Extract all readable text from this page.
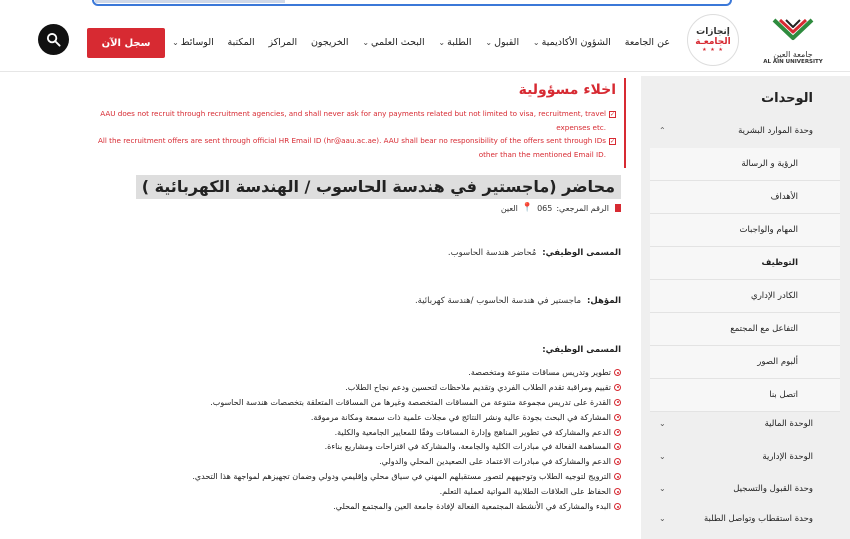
سجل الآن	عن الجامعة
الشؤون الأكاديمية
⌄
القبول
⌄
الطلبة
⌄
البحث العلمي
⌄
الخريجون
المراكز
المكتبة
الوسائط
⌄
إنجازات
الجامعـة
★ ★ ★	جامعة العين
AL AIN UNIVERSITY
الوحدات
وحدة الموارد البشرية
⌃
الرؤية و الرسالة
الأهداف
المهام والواجبات
التوظيف
الكادر الإداري
التفاعل مع المجتمع
ألبوم الصور
اتصل بنا
الوحدة المالية
⌄
الوحدة الإدارية
⌄
وحدة القبول والتسجيل
⌄
وحدة استقطاب وتواصل الطلبة
⌄
اخلاء مسؤولية
AAU does not recruit through recruitment agencies, and shall never ask for any payments related but not limited to visa, recruitment, travel ✓
expenses etc.
All the recruitment offers are sent through official HR Email ID (hr@aau.ac.ae). AAU shall bear no responsibility of the offers sent through IDs ✓
other than the mentioned Email ID.
محاضر (ماجستير في هندسة الحاسوب / الهندسة الكهربائية )
الرقم المرجعي:
065
📍
العين
المسمى الوظيفي: مُحاضر هندسة الحاسوب.
المؤهل: ماجستير في هندسة الحاسوب /هندسة كهربائية.
المسمى الوظيفي:
تطوير وتدريس مساقات متنوعة ومتخصصة.
تقييم ومراقبة تقدم الطلاب الفردي وتقديم ملاحظات لتحسين ودعم نجاح الطلاب.
القدرة على تدريس مجموعة متنوعة من المساقات المتخصصة وغيرها من المساقات المتعلقة بتخصصات هندسة الحاسوب.
المشاركة في البحث بجودة عالية ونشر النتائج في مجلات علمية ذات سمعة ومكانة مرموقة.
الدعم والمشاركة في تطوير المناهج وإدارة المساقات وفقًا للمعايير الجامعية والكلية.
المساهمة الفعالة في مبادرات الكلية والجامعة، والمشاركة في اقتراحات ومشاريع بناءة.
الدعم والمشاركة في مبادرات الاعتماد على الصعيدين المحلي والدولي.
الترويج لتوجيه الطلاب وتوجيههم لتصور مستقبلهم المهني في سياق محلي وإقليمي ودولي وضمان تجهيزهم لمواجهة هذا التحدي.
الحفاظ على العلاقات الطلابية المواتية لعملية التعلم.
البدء والمشاركة في الأنشطة المجتمعية الفعالة لإفادة جامعة العين والمجتمع المحلي.
